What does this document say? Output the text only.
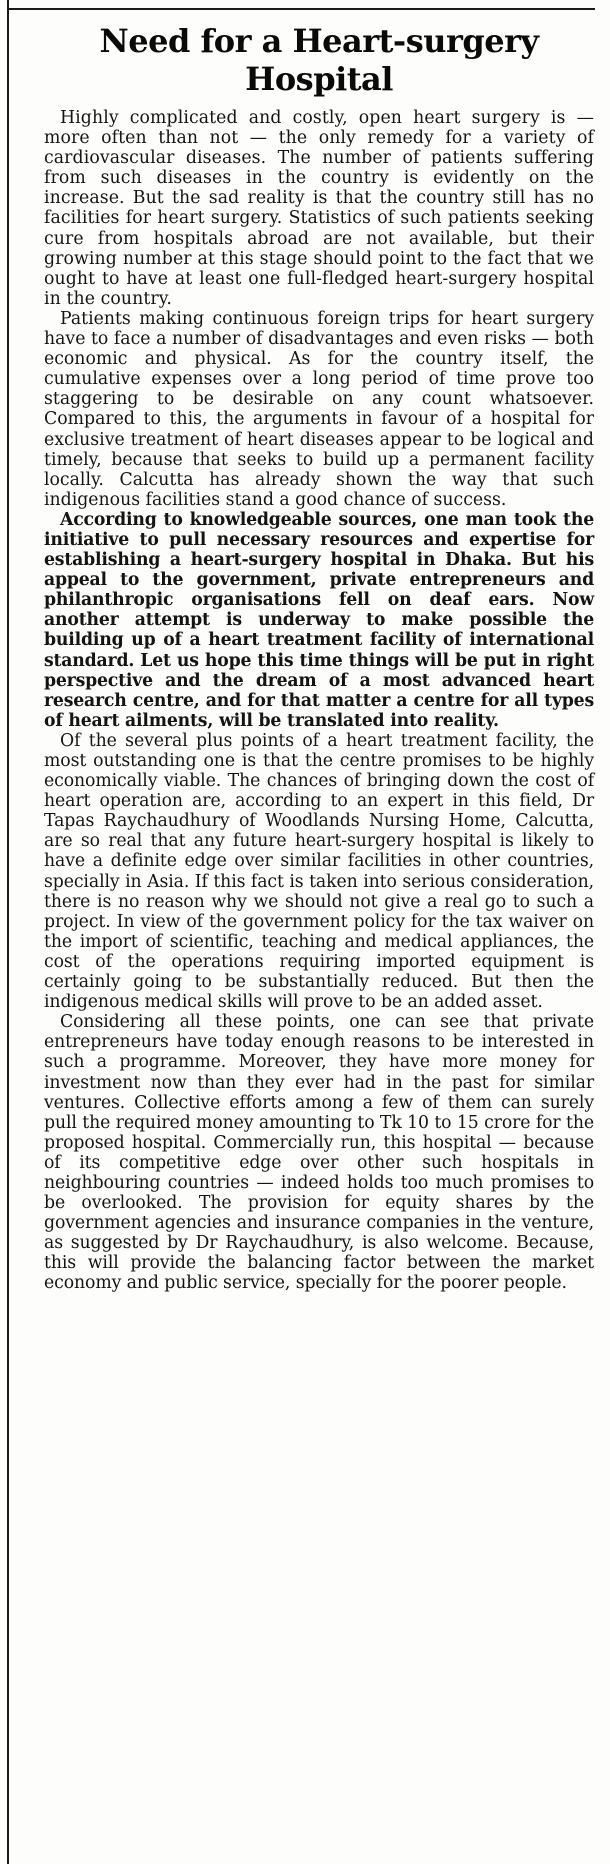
Need for a Heart-surgery Hospital

Highly complicated and costly, open heart surgery is — more often than not — the only remedy for a variety of cardiovascular diseases. The number of patients suffering from such diseases in the country is evidently on the increase. But the sad reality is that the country still has no facilities for heart surgery. Statistics of such patients seeking cure from hospitals abroad are not available, but their growing number at this stage should point to the fact that we ought to have at least one full-fledged heart-surgery hospital in the country.

Patients making continuous foreign trips for heart surgery have to face a number of disadvantages and even risks — both economic and physical. As for the country itself, the cumulative expenses over a long period of time prove too staggering to be desirable on any count whatsoever. Compared to this, the arguments in favour of a hospital for exclusive treatment of heart diseases appear to be logical and timely, because that seeks to build up a permanent facility locally. Calcutta has already shown the way that such indigenous facilities stand a good chance of success.

According to knowledgeable sources, one man took the initiative to pull necessary resources and expertise for establishing a heart-surgery hospital in Dhaka. But his appeal to the government, private entrepreneurs and philanthropic organisations fell on deaf ears. Now another attempt is underway to make possible the building up of a heart treatment facility of international standard. Let us hope this time things will be put in right perspective and the dream of a most advanced heart research centre, and for that matter a centre for all types of heart ailments, will be translated into reality.

Of the several plus points of a heart treatment facility, the most outstanding one is that the centre promises to be highly economically viable. The chances of bringing down the cost of heart operation are, according to an expert in this field, Dr Tapas Raychaudhury of Woodlands Nursing Home, Calcutta, are so real that any future heart-surgery hospital is likely to have a definite edge over similar facilities in other countries, specially in Asia. If this fact is taken into serious consideration, there is no reason why we should not give a real go to such a project. In view of the government policy for the tax waiver on the import of scientific, teaching and medical appliances, the cost of the operations requiring imported equipment is certainly going to be substantially reduced. But then the indigenous medical skills will prove to be an added asset.

Considering all these points, one can see that private entrepreneurs have today enough reasons to be interested in such a programme. Moreover, they have more money for investment now than they ever had in the past for similar ventures. Collective efforts among a few of them can surely pull the required money amounting to Tk 10 to 15 crore for the proposed hospital. Commercially run, this hospital — because of its competitive edge over other such hospitals in neighbouring countries — indeed holds too much promises to be overlooked. The provision for equity shares by the government agencies and insurance companies in the venture, as suggested by Dr Raychaudhury, is also welcome. Because, this will provide the balancing factor between the market economy and public service, specially for the poorer people.
